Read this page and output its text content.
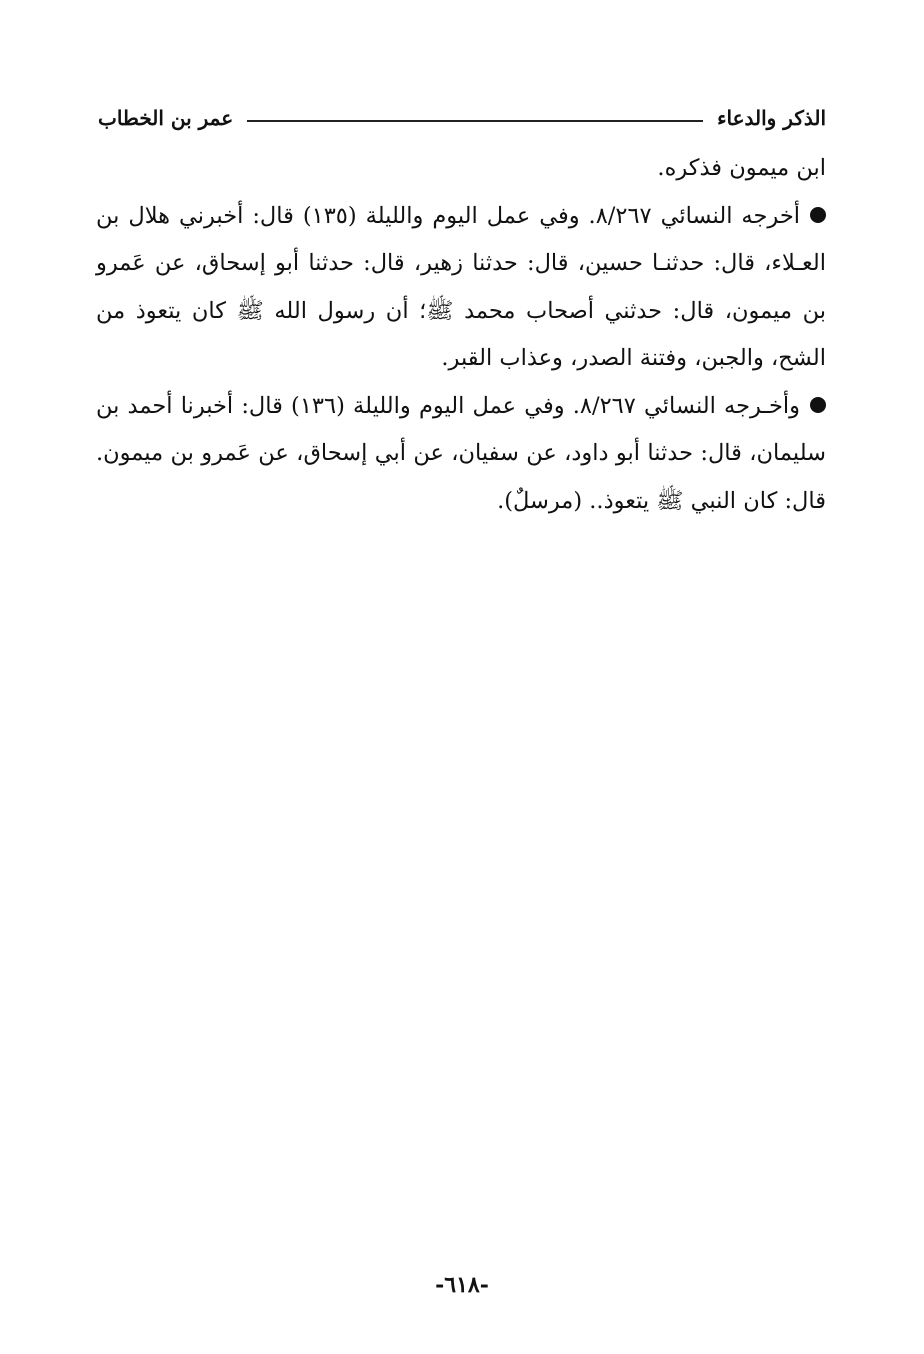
الذكر والدعاء
عمر بن الخطاب

ابن ميمون فذكره.

أخرجه النسائي ٨/٢٦٧. وفي عمل اليوم والليلة (١٣٥) قال: أخبرني هلال بن العـلاء، قال: حدثنـا حسين، قال: حدثنا زهير، قال: حدثنا أبو إسحاق، عن عَمرو بن ميمون، قال: حدثني أصحاب محمد ﷺ؛ أن رسول الله ﷺ كان يتعوذ من الشح، والجبن، وفتنة الصدر، وعذاب القبر.

وأخـرجه النسائي ٨/٢٦٧. وفي عمل اليوم والليلة (١٣٦) قال: أخبرنا أحمد بن سليمان، قال: حدثنا أبو داود، عن سفيان، عن أبي إسحاق، عن عَمرو بن ميمون. قال: كان النبي ﷺ يتعوذ.. (مرسلٌ).

-٦١٨-
